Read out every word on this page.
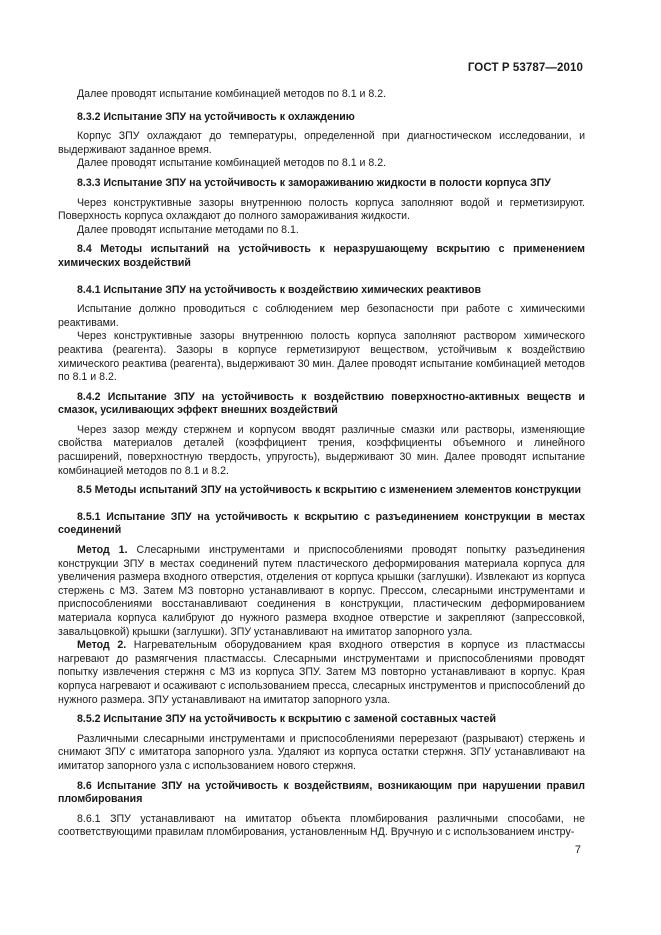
ГОСТ Р 53787—2010

Далее проводят испытание комбинацией методов по 8.1 и 8.2.

8.3.2 Испытание ЗПУ на устойчивость к охлаждению

Корпус ЗПУ охлаждают до температуры, определенной при диагностическом исследовании, и выдерживают заданное время.

Далее проводят испытание комбинацией методов по 8.1 и 8.2.

8.3.3 Испытание ЗПУ на устойчивость к замораживанию жидкости в полости корпуса ЗПУ

Через конструктивные зазоры внутреннюю полость корпуса заполняют водой и герметизируют. Поверхность корпуса охлаждают до полного замораживания жидкости.

Далее проводят испытание методами по 8.1.

8.4 Методы испытаний на устойчивость к неразрушающему вскрытию с применением химических воздействий

8.4.1 Испытание ЗПУ на устойчивость к воздействию химических реактивов

Испытание должно проводиться с соблюдением мер безопасности при работе с химическими реактивами.

Через конструктивные зазоры внутреннюю полость корпуса заполняют раствором химического реактива (реагента). Зазоры в корпусе герметизируют веществом, устойчивым к воздействию химического реактива (реагента), выдерживают 30 мин. Далее проводят испытание комбинацией методов по 8.1 и 8.2.

8.4.2 Испытание ЗПУ на устойчивость к воздействию поверхностно-активных веществ и смазок, усиливающих эффект внешних воздействий

Через зазор между стержнем и корпусом вводят различные смазки или растворы, изменяющие свойства материалов деталей (коэффициент трения, коэффициенты объемного и линейного расширений, поверхностную твердость, упругость), выдерживают 30 мин. Далее проводят испытание комбинацией методов по 8.1 и 8.2.

8.5 Методы испытаний ЗПУ на устойчивость к вскрытию с изменением элементов конструкции

8.5.1 Испытание ЗПУ на устойчивость к вскрытию с разъединением конструкции в местах соединений

Метод 1. Слесарными инструментами и приспособлениями проводят попытку разъединения конструкции ЗПУ в местах соединений путем пластического деформирования материала корпуса для увеличения размера входного отверстия, отделения от корпуса крышки (заглушки). Извлекают из корпуса стержень с МЗ. Затем МЗ повторно устанавливают в корпус. Прессом, слесарными инструментами и приспособлениями восстанавливают соединения в конструкции, пластическим деформированием материала корпуса калибруют до нужного размера входное отверстие и закрепляют (запрессовкой, завальцовкой) крышки (заглушки). ЗПУ устанавливают на имитатор запорного узла.

Метод 2. Нагревательным оборудованием края входного отверстия в корпусе из пластмассы нагревают до размягчения пластмассы. Слесарными инструментами и приспособлениями проводят попытку извлечения стержня с МЗ из корпуса ЗПУ. Затем МЗ повторно устанавливают в корпус. Края корпуса нагревают и осаживают с использованием пресса, слесарных инструментов и приспособлений до нужного размера. ЗПУ устанавливают на имитатор запорного узла.

8.5.2 Испытание ЗПУ на устойчивость к вскрытию с заменой составных частей

Различными слесарными инструментами и приспособлениями перерезают (разрывают) стержень и снимают ЗПУ с имитатора запорного узла. Удаляют из корпуса остатки стержня. ЗПУ устанавливают на имитатор запорного узла с использованием нового стержня.

8.6 Испытание ЗПУ на устойчивость к воздействиям, возникающим при нарушении правил пломбирования

8.6.1 ЗПУ устанавливают на имитатор объекта пломбирования различными способами, не соответствующими правилам пломбирования, установленным НД. Вручную и с использованием инстру-

7
